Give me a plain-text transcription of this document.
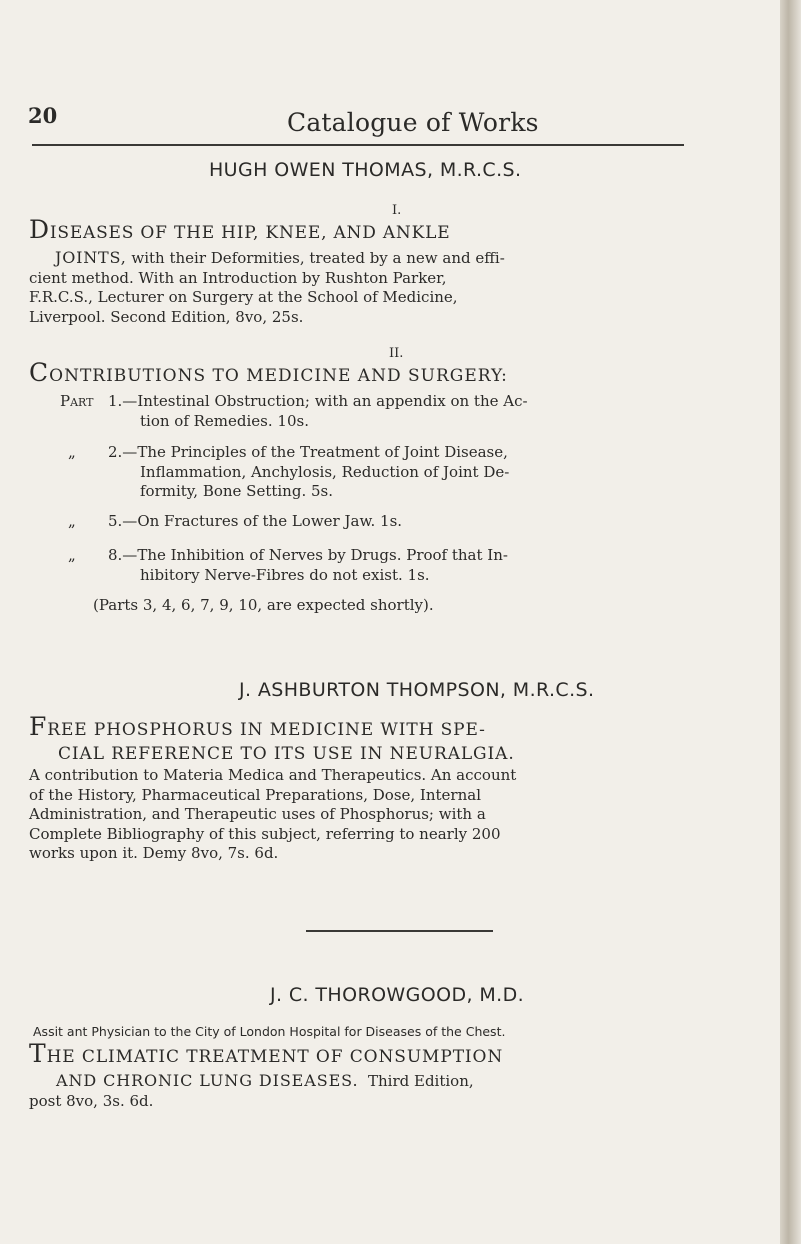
20	Catalogue of Works
HUGH OWEN THOMAS, M.R.C.S.
I.
DISEASES OF THE HIP, KNEE, AND ANKLE
JOINTS, with their Deformities, treated by a new and effi-
cient method. With an Introduction by Rushton Parker,
F.R.C.S., Lecturer on Surgery at the School of Medicine,
Liverpool. Second Edition, 8vo, 25s.
II.
CONTRIBUTIONS TO MEDICINE AND SURGERY:
Part 1.—Intestinal Obstruction; with an appendix on the Ac-
tion of Remedies. 10s.
„ 2.—The Principles of the Treatment of Joint Disease,
Inflammation, Anchylosis, Reduction of Joint De-
formity, Bone Setting. 5s.
„ 5.—On Fractures of the Lower Jaw. 1s.
„ 8.—The Inhibition of Nerves by Drugs. Proof that In-
hibitory Nerve-Fibres do not exist. 1s.
(Parts 3, 4, 6, 7, 9, 10, are expected shortly).
J. ASHBURTON THOMPSON, M.R.C.S.
FREE PHOSPHORUS IN MEDICINE WITH SPE-
CIAL REFERENCE TO ITS USE IN NEURALGIA.
A contribution to Materia Medica and Therapeutics. An account
of the History, Pharmaceutical Preparations, Dose, Internal
Administration, and Therapeutic uses of Phosphorus; with a
Complete Bibliography of this subject, referring to nearly 200
works upon it. Demy 8vo, 7s. 6d.
J. C. THOROWGOOD, M.D.
Assit ant Physician to the City of London Hospital for Diseases of the Chest.
THE CLIMATIC TREATMENT OF CONSUMPTION
AND CHRONIC LUNG DISEASES. Third Edition,
post 8vo, 3s. 6d.
